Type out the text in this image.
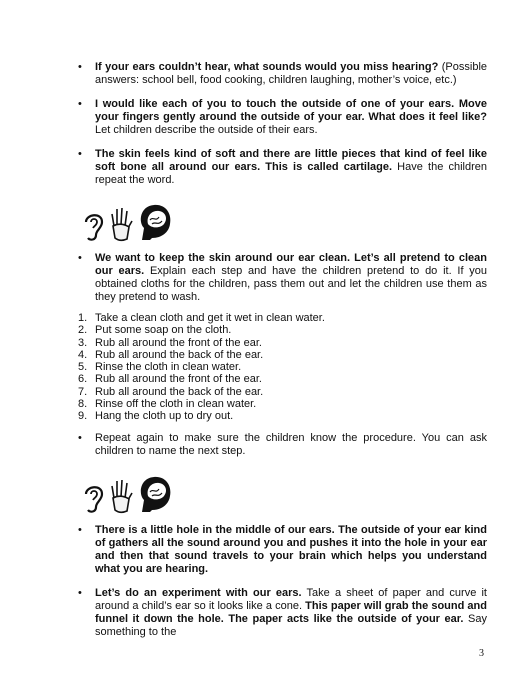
• If your ears couldn’t hear, what sounds would you miss hearing? (Possible answers: school bell, food cooking, children laughing, mother’s voice, etc.)
• I would like each of you to touch the outside of one of your ears. Move your fingers gently around the outside of your ear. What does it feel like? Let children describe the outside of their ears.
• The skin feels kind of soft and there are little pieces that kind of feel like soft bone all around our ears. This is called cartilage. Have the children repeat the word.
• We want to keep the skin around our ear clean. Let’s all pretend to clean our ears. Explain each step and have the children pretend to do it. If you obtained cloths for the children, pass them out and let the children use them as they pretend to wash.
1. Take a clean cloth and get it wet in clean water.
2. Put some soap on the cloth.
3. Rub all around the front of the ear.
4. Rub all around the back of the ear.
5. Rinse the cloth in clean water.
6. Rub all around the front of the ear.
7. Rub all around the back of the ear.
8. Rinse off the cloth in clean water.
9. Hang the cloth up to dry out.
• Repeat again to make sure the children know the procedure. You can ask children to name the next step.
• There is a little hole in the middle of our ears. The outside of your ear kind of gathers all the sound around you and pushes it into the hole in your ear and then that sound travels to your brain which helps you understand what you are hearing.
• Let’s do an experiment with our ears. Take a sheet of paper and curve it around a child’s ear so it looks like a cone. This paper will grab the sound and funnel it down the hole. The paper acts like the outside of your ear. Say something to the
3
